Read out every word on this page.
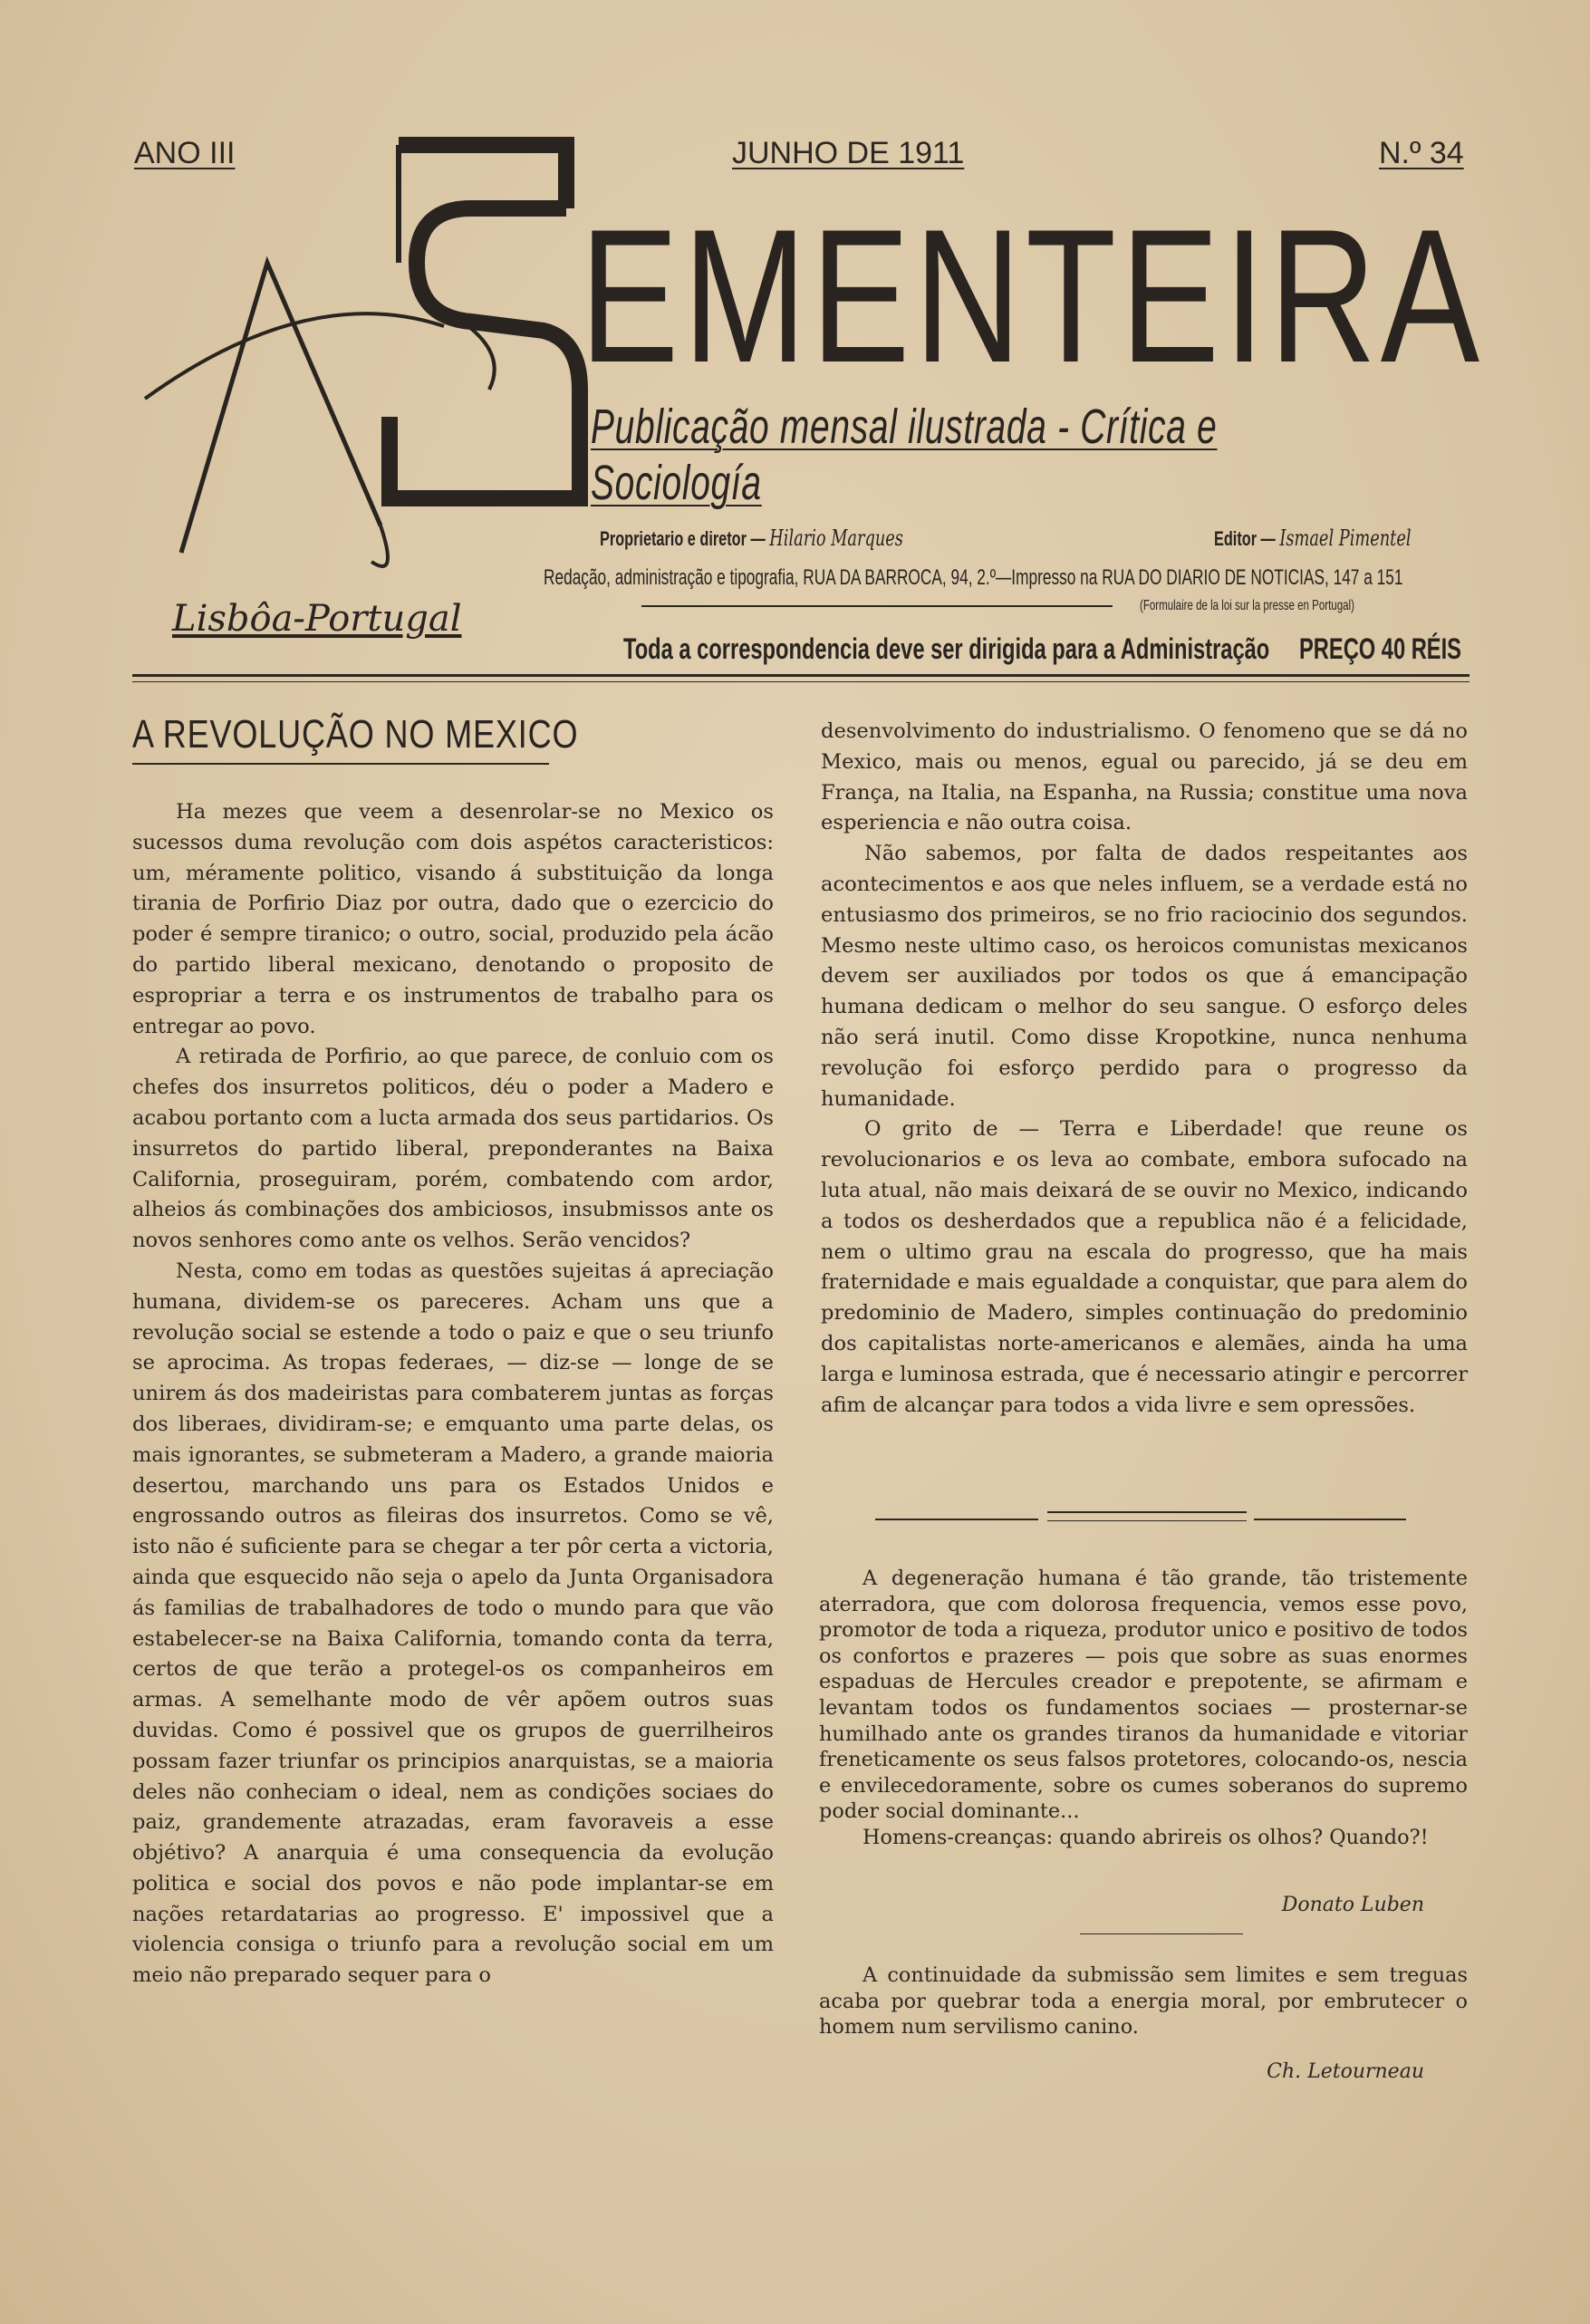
ANO III	JUNHO DE 1911	N.º 34
EMENTEIRA
Publicação mensal ilustrada - Crítica e Sociología
Lisbôa-Portugal
Proprietario e diretor — Hilario Marques	Editor — Ismael Pimentel
Redação, administração e tipografia, RUA DA BARROCA, 94, 2.º—Impresso na RUA DO DIARIO DE NOTICIAS, 147 a 151
(Formulaire de la loi sur la presse en Portugal)
Toda a correspondencia deve ser dirigida para a Administração PREÇO 40 RÉIS
A REVOLUÇÃO NO MEXICO

Ha mezes que veem a desenrolar-se no Mexico os sucessos duma revolução com dois aspétos caracteristicos: um, méramente politico, visando á substituição da longa tirania de Porfirio Diaz por outra, dado que o ezercicio do poder é sempre tiranico; o outro, social, produzido pela ácão do partido liberal mexicano, denotando o proposito de espropriar a terra e os instrumentos de trabalho para os entregar ao povo.

A retirada de Porfirio, ao que parece, de conluio com os chefes dos insurretos politicos, déu o poder a Madero e acabou portanto com a lucta armada dos seus partidarios. Os insurretos do partido liberal, preponderantes na Baixa California, proseguiram, porém, combatendo com ardor, alheios ás combinações dos ambiciosos, insubmissos ante os novos senhores como ante os velhos. Serão vencidos?

Nesta, como em todas as questões sujeitas á apreciação humana, dividem-se os pareceres. Acham uns que a revolução social se estende a todo o paiz e que o seu triunfo se aprocima. As tropas federaes, — diz-se — longe de se unirem ás dos madeiristas para combaterem juntas as forças dos liberaes, dividiram-se; e emquanto uma parte delas, os mais ignorantes, se submeteram a Madero, a grande maioria desertou, marchando uns para os Estados Unidos e engrossando outros as fileiras dos insurretos. Como se vê, isto não é suficiente para se chegar a ter pôr certa a victoria, ainda que esquecido não seja o apelo da Junta Organisadora ás familias de trabalhadores de todo o mundo para que vão estabelecer-se na Baixa California, tomando conta da terra, certos de que terão a protegel-os os companheiros em armas. A semelhante modo de vêr apõem outros suas duvidas. Como é possivel que os grupos de guerrilheiros possam fazer triunfar os principios anarquistas, se a maioria deles não conheciam o ideal, nem as condições sociaes do paiz, grandemente atrazadas, eram favoraveis a esse objétivo? A anarquia é uma consequencia da evolução politica e social dos povos e não pode implantar-se em nações retardatarias ao progresso. E' impossivel que a violencia consiga o triunfo para a revolução social em um meio não preparado sequer para o

desenvolvimento do industrialismo. O fenomeno que se dá no Mexico, mais ou menos, egual ou parecido, já se deu em França, na Italia, na Espanha, na Russia; constitue uma nova esperiencia e não outra coisa.

Não sabemos, por falta de dados respeitantes aos acontecimentos e aos que neles influem, se a verdade está no entusiasmo dos primeiros, se no frio raciocinio dos segundos. Mesmo neste ultimo caso, os heroicos comunistas mexicanos devem ser auxiliados por todos os que á emancipação humana dedicam o melhor do seu sangue. O esforço deles não será inutil. Como disse Kropotkine, nunca nenhuma revolução foi esforço perdido para o progresso da humanidade.

O grito de — Terra e Liberdade! que reune os revolucionarios e os leva ao combate, embora sufocado na luta atual, não mais deixará de se ouvir no Mexico, indicando a todos os desherdados que a republica não é a felicidade, nem o ultimo grau na escala do progresso, que ha mais fraternidade e mais egualdade a conquistar, que para alem do predominio de Madero, simples continuação do predominio dos capitalistas norte-americanos e alemães, ainda ha uma larga e luminosa estrada, que é necessario atingir e percorrer afim de alcançar para todos a vida livre e sem opressões.

A degeneração humana é tão grande, tão tristemente aterradora, que com dolorosa frequencia, vemos esse povo, promotor de toda a riqueza, produtor unico e positivo de todos os confortos e prazeres — pois que sobre as suas enormes espaduas de Hercules creador e prepotente, se afirmam e levantam todos os fundamentos sociaes — prosternar-se humilhado ante os grandes tiranos da humanidade e vitoriar freneticamente os seus falsos protetores, colocando-os, nescia e envilecedoramente, sobre os cumes soberanos do supremo poder social dominante...

Homens-creanças: quando abrireis os olhos? Quando?!

Donato Luben

A continuidade da submissão sem limites e sem treguas acaba por quebrar toda a energia moral, por embrutecer o homem num servilismo canino.

Ch. Letourneau
